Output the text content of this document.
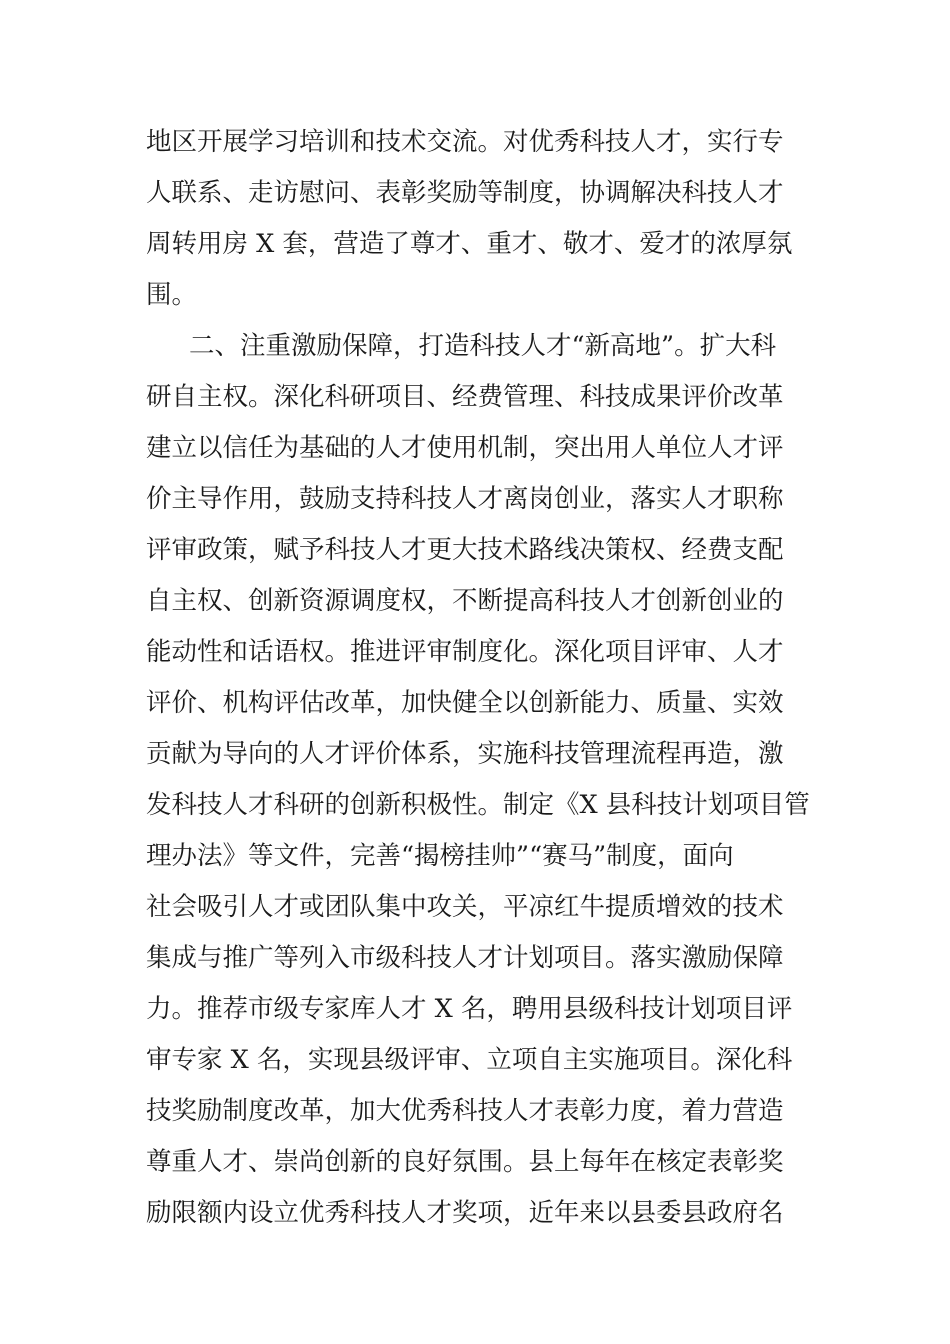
地区开展学习培训和技术交流。对优秀科技人才，实行专
人联系、走访慰问、表彰奖励等制度，协调解决科技人才
周转用房 X 套，营造了尊才、重才、敬才、爱才的浓厚氛
围。
二、注重激励保障，打造科技人才“新高地”。扩大科
研自主权。深化科研项目、经费管理、科技成果评价改革
建立以信任为基础的人才使用机制，突出用人单位人才评
价主导作用，鼓励支持科技人才离岗创业，落实人才职称
评审政策，赋予科技人才更大技术路线决策权、经费支配
自主权、创新资源调度权，不断提高科技人才创新创业的
能动性和话语权。推进评审制度化。深化项目评审、人才
评价、机构评估改革，加快健全以创新能力、质量、实效
贡献为导向的人才评价体系，实施科技管理流程再造，激
发科技人才科研的创新积极性。制定《X 县科技计划项目管
理办法》等文件，完善“揭榜挂帅”“赛马”制度，面向
社会吸引人才或团队集中攻关，平凉红牛提质增效的技术
集成与推广等列入市级科技人才计划项目。落实激励保障
力。推荐市级专家库人才 X 名，聘用县级科技计划项目评
审专家 X 名，实现县级评审、立项自主实施项目。深化科
技奖励制度改革，加大优秀科技人才表彰力度，着力营造
尊重人才、崇尚创新的良好氛围。县上每年在核定表彰奖
励限额内设立优秀科技人才奖项，近年来以县委县政府名
